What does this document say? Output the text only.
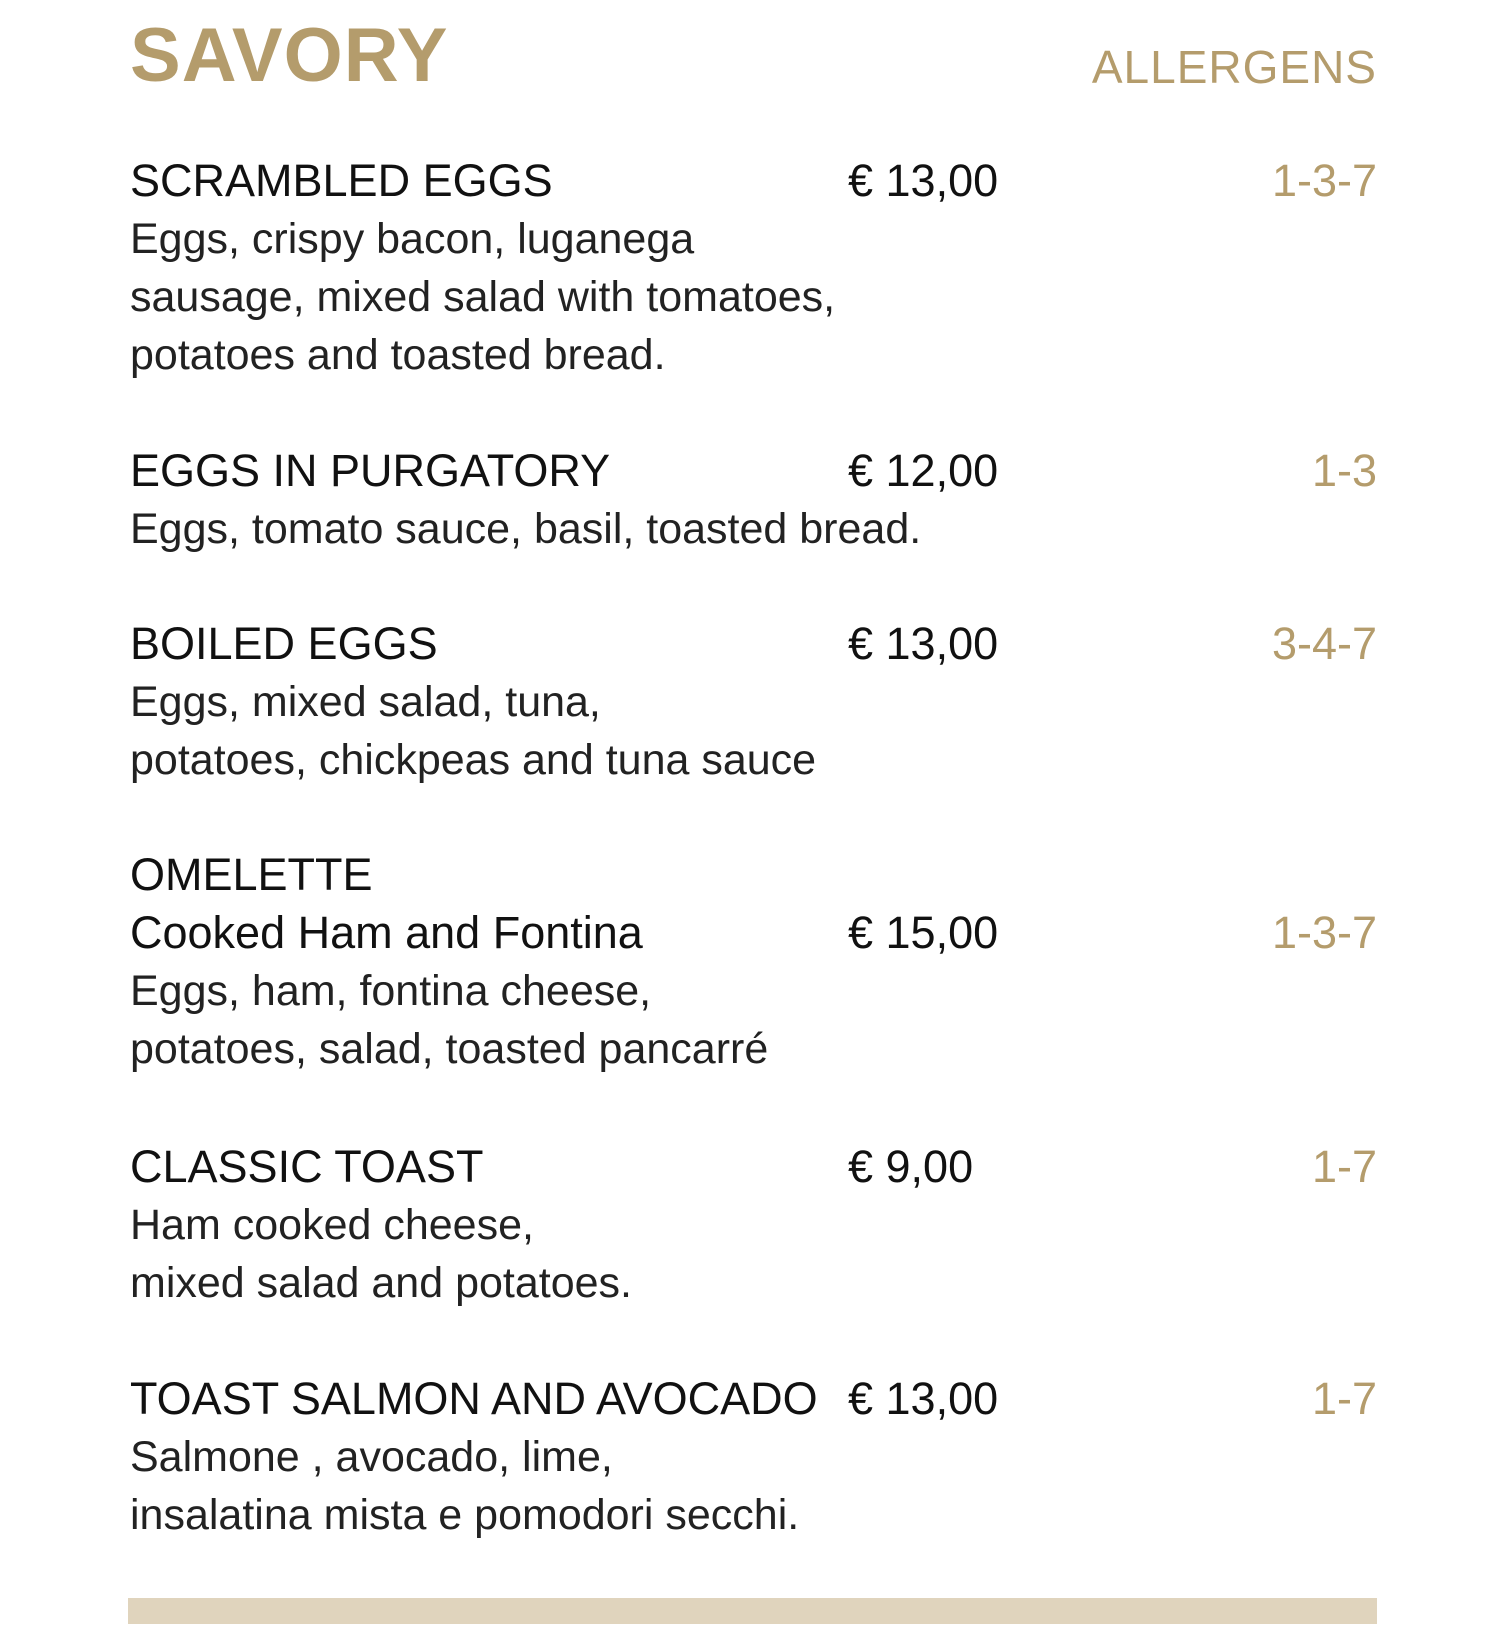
SAVORY	ALLERGENS
SCRAMBLED EGGS	€ 13,00	1-3-7
Eggs, crispy bacon, luganega
sausage, mixed salad with tomatoes,
potatoes and toasted bread.
EGGS IN PURGATORY	€ 12,00	1-3
Eggs, tomato sauce, basil, toasted bread.
BOILED EGGS	€ 13,00	3-4-7
Eggs, mixed salad, tuna,
potatoes, chickpeas and tuna sauce
OMELETTE
Cooked Ham and Fontina	€ 15,00	1-3-7
Eggs, ham, fontina cheese,
potatoes, salad, toasted pancarré
CLASSIC TOAST	€ 9,00	1-7
Ham cooked cheese,
mixed salad and potatoes.
TOAST SALMON AND AVOCADO € 13,00	1-7
Salmone , avocado, lime,
insalatina mista e pomodori secchi.
